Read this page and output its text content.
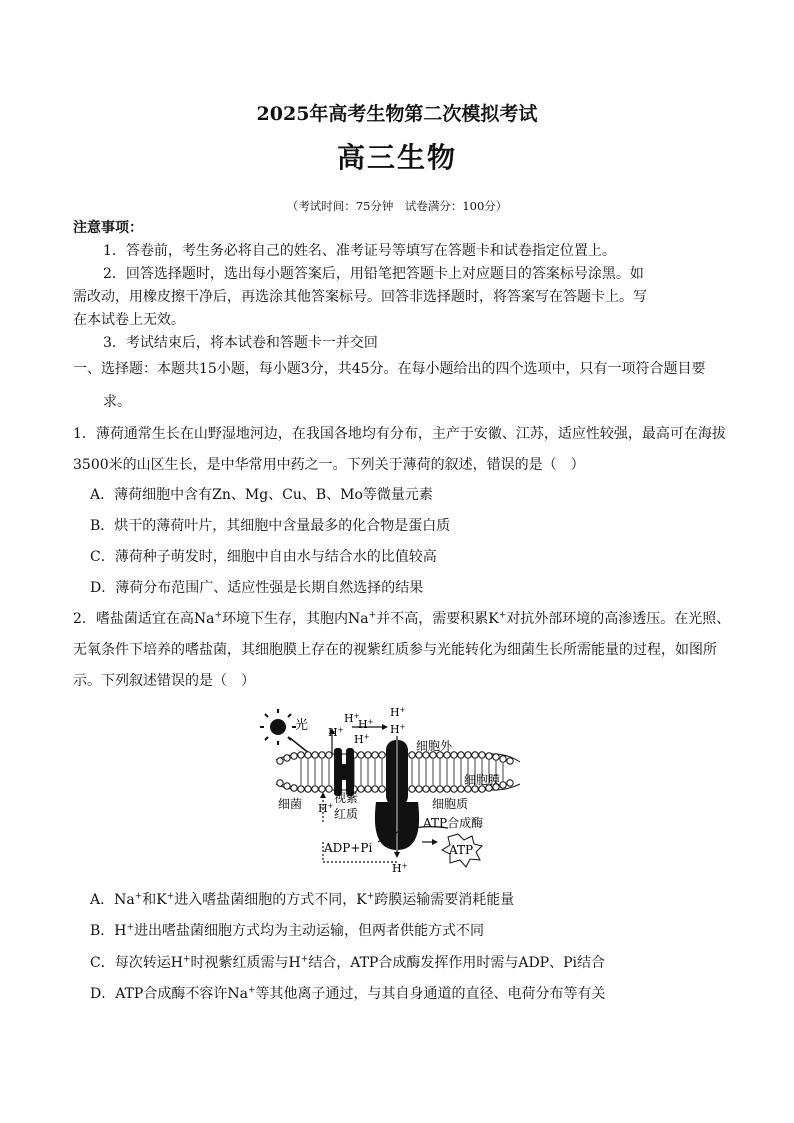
2025年高考生物第二次模拟考试
高三生物
（考试时间：75分钟　试卷满分：100分）
注意事项：
1．答卷前，考生务必将自己的姓名、准考证号等填写在答题卡和试卷指定位置上。
2．回答选择题时，选出每小题答案后，用铅笔把答题卡上对应题目的答案标号涂黑。如
需改动，用橡皮擦干净后，再选涂其他答案标号。回答非选择题时，将答案写在答题卡上。写
在本试卷上无效。
3．考试结束后，将本试卷和答题卡一并交回
一、选择题：本题共15小题，每小题3分，共45分。在每小题给出的四个选项中，只有一项符合题目要
求。
1．薄荷通常生长在山野湿地河边，在我国各地均有分布，主产于安徽、江苏，适应性较强，最高可在海拔
3500米的山区生长，是中华常用中药之一。下列关于薄荷的叙述，错误的是（　）
A．薄荷细胞中含有Zn、Mg、Cu、B、Mo等微量元素
B．烘干的薄荷叶片，其细胞中含量最多的化合物是蛋白质
C．薄荷种子萌发时，细胞中自由水与结合水的比值较高
D．薄荷分布范围广、适应性强是长期自然选择的结果
2．嗜盐菌适宜在高Na+环境下生存，其胞内Na+并不高，需要积累K+对抗外部环境的高渗透压。在光照、
无氧条件下培养的嗜盐菌，其细胞膜上存在的视紫红质参与光能转化为细菌生长所需能量的过程，如图所
示。下列叙述错误的是（　）
光	H+
H+
H+
H+
H+
H+
H+
H+
细胞外
细胞膜
细菌	视紫
红质
细胞质
ATP合成酶
ADP+Pi	ATP
A．Na+和K+进入嗜盐菌细胞的方式不同，K+跨膜运输需要消耗能量
B．H+进出嗜盐菌细胞方式均为主动运输，但两者供能方式不同
C．每次转运H+时视紫红质需与H+结合，ATP合成酶发挥作用时需与ADP、Pi结合
D．ATP合成酶不容许Na+等其他离子通过，与其自身通道的直径、电荷分布等有关
